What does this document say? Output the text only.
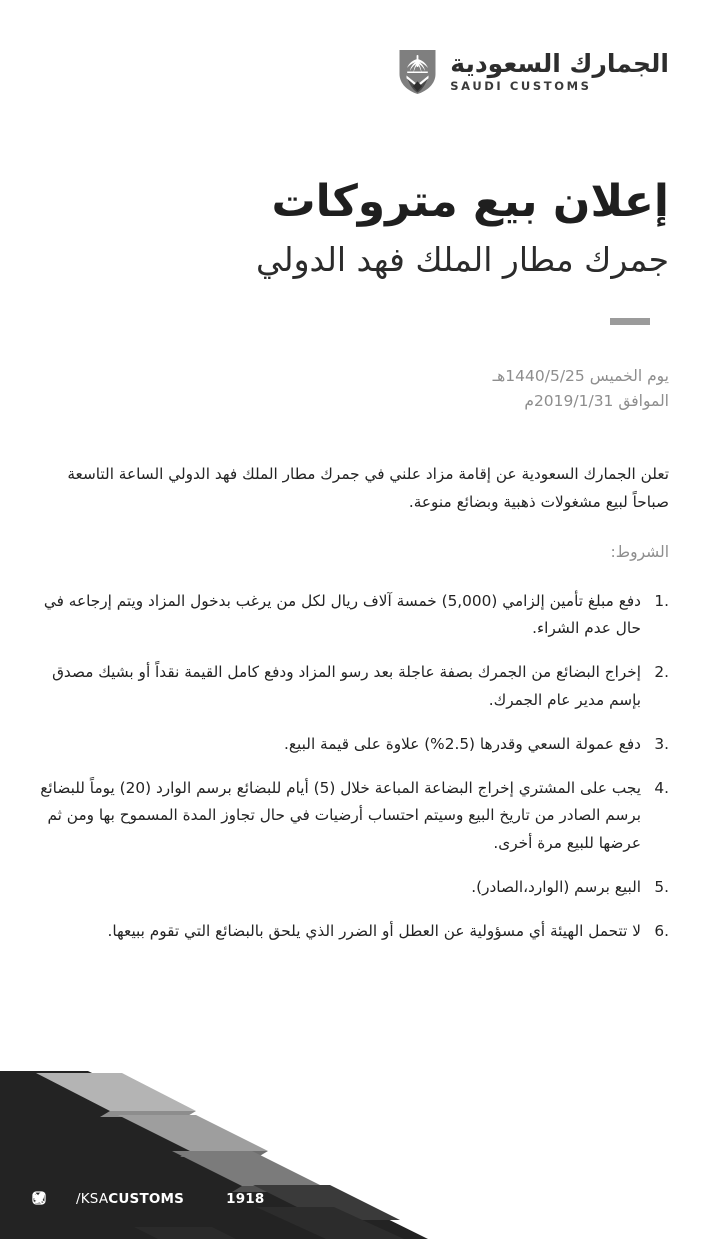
الجمارك السعودية
SAUDI CUSTOMS
إعلان بيع متروكات
جمرك مطار الملك فهد الدولي
يوم الخميس 1440/5/25هـ
الموافق 2019/1/31م

تعلن الجمارك السعودية عن إقامة مزاد علني في جمرك مطار الملك فهد الدولي الساعة التاسعة صباحاً لبيع مشغولات ذهبية وبضائع منوعة.

الشروط:
1.
دفع مبلغ تأمين إلزامي (5,000) خمسة آلاف ريال لكل من يرغب بدخول المزاد ويتم إرجاعه في حال عدم الشراء.
2.
إخراج البضائع من الجمرك بصفة عاجلة بعد رسو المزاد ودفع كامل القيمة نقداً أو بشيك مصدق بإسم مدير عام الجمرك.
3.
دفع عمولة السعي وقدرها (2.5%) علاوة على قيمة البيع.
4.
يجب على المشتري إخراج البضاعة المباعة خلال (5) أيام للبضائع برسم الوارد (20) يوماً للبضائع برسم الصادر من تاريخ البيع وسيتم احتساب أرضيات في حال تجاوز المدة المسموح بها ومن ثم عرضها للبيع مرة أخرى.
5.
البيع برسم (الوارد،الصادر).
6.
لا تتحمل الهيئة أي مسؤولية عن العطل أو الضرر الذي يلحق بالبضائع التي تقوم ببيعها.
/KSACUSTOMS	1918
